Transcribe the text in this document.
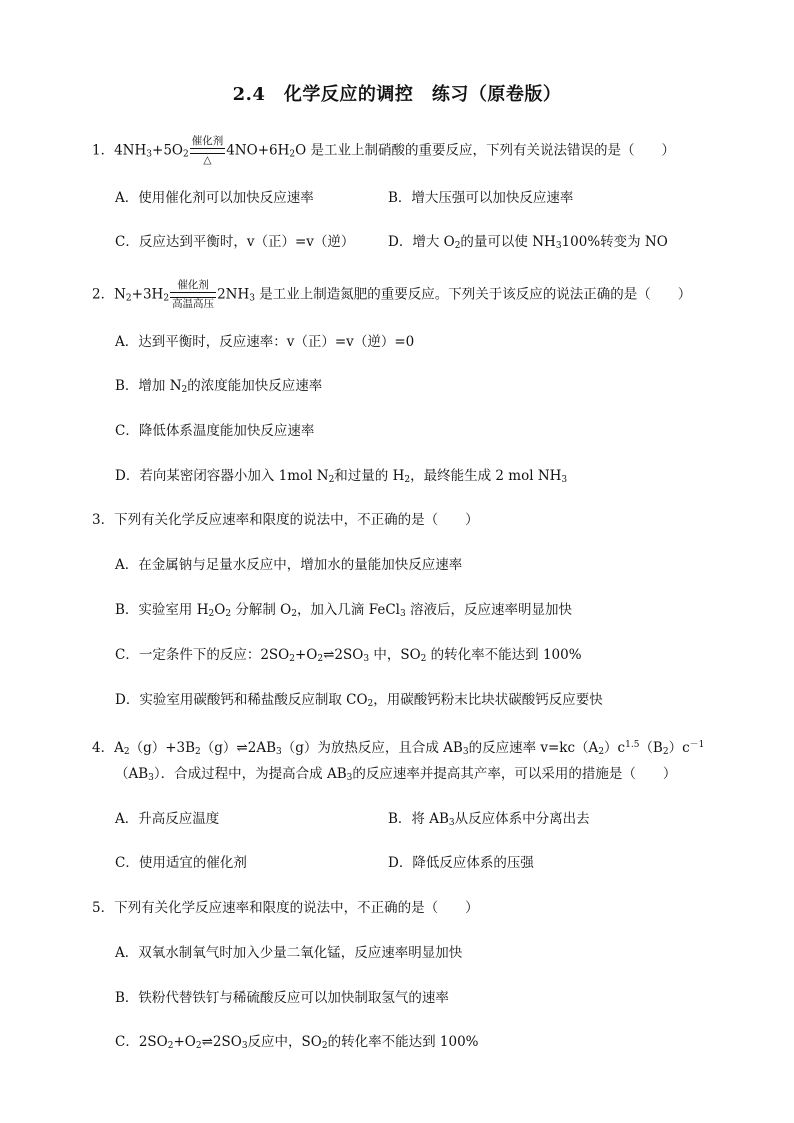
2.4　化学反应的调控　练习（原卷版）
1．$4NH_3+5O_2$
催化剂
△
$4NO+6H_2O$ 是工业上制硝酸的重要反应，下列有关说法错误的是（　　）
A．使用催化剂可以加快反应速率	B．增大压强可以加快反应速率
C．反应达到平衡时，v（正）=v（逆） D．增大 $O_2$的量可以使 $NH_3100\%$转变为 NO
2．$N_2+3H_2$
催化剂
高温高压
$2NH_3$ 是工业上制造氮肥的重要反应。下列关于该反应的说法正确的是（　　）
A．达到平衡时，反应速率：v（正）=v（逆）=0
B．增加 $N_2$的浓度能加快反应速率
C．降低体系温度能加快反应速率
D．若向某密闭容器小加入 1mol $N_2$和过量的 $H_2$，最终能生成 2 mol $NH_3$
3．下列有关化学反应速率和限度的说法中，不正确的是（　　）
A．在金属钠与足量水反应中，增加水的量能加快反应速率
B．实验室用 $H_2O_2$ 分解制 $O_2$，加入几滴 FeCl$_3$ 溶液后，反应速率明显加快
C．一定条件下的反应：$2SO_2+O_2\rightleftharpoons 2SO_3$ 中，$SO_2$ 的转化率不能达到 100%
D．实验室用碳酸钙和稀盐酸反应制取 $CO_2$，用碳酸钙粉末比块状碳酸钙反应要快
4．$A_2(g)+3B_2(g)\rightleftharpoons 2AB_3(g)$为放热反应，且合成 $AB_3$的反应速率 $v=kc(A_2)c^{1.5}(B_2)c^{-1}$
$(AB_3)$．合成过程中，为提高合成 $AB_3$的反应速率并提高其产率，可以采用的措施是（　　）
A．升高反应温度	B．将 $AB_3$从反应体系中分离出去
C．使用适宜的催化剂	D．降低反应体系的压强
5．下列有关化学反应速率和限度的说法中，不正确的是（　　）
A．双氧水制氧气时加入少量二氧化锰，反应速率明显加快
B．铁粉代替铁钉与稀硫酸反应可以加快制取氢气的速率
C．$2SO_2+O_2\rightleftharpoons 2SO_3$反应中，$SO_2$的转化率不能达到 100%
